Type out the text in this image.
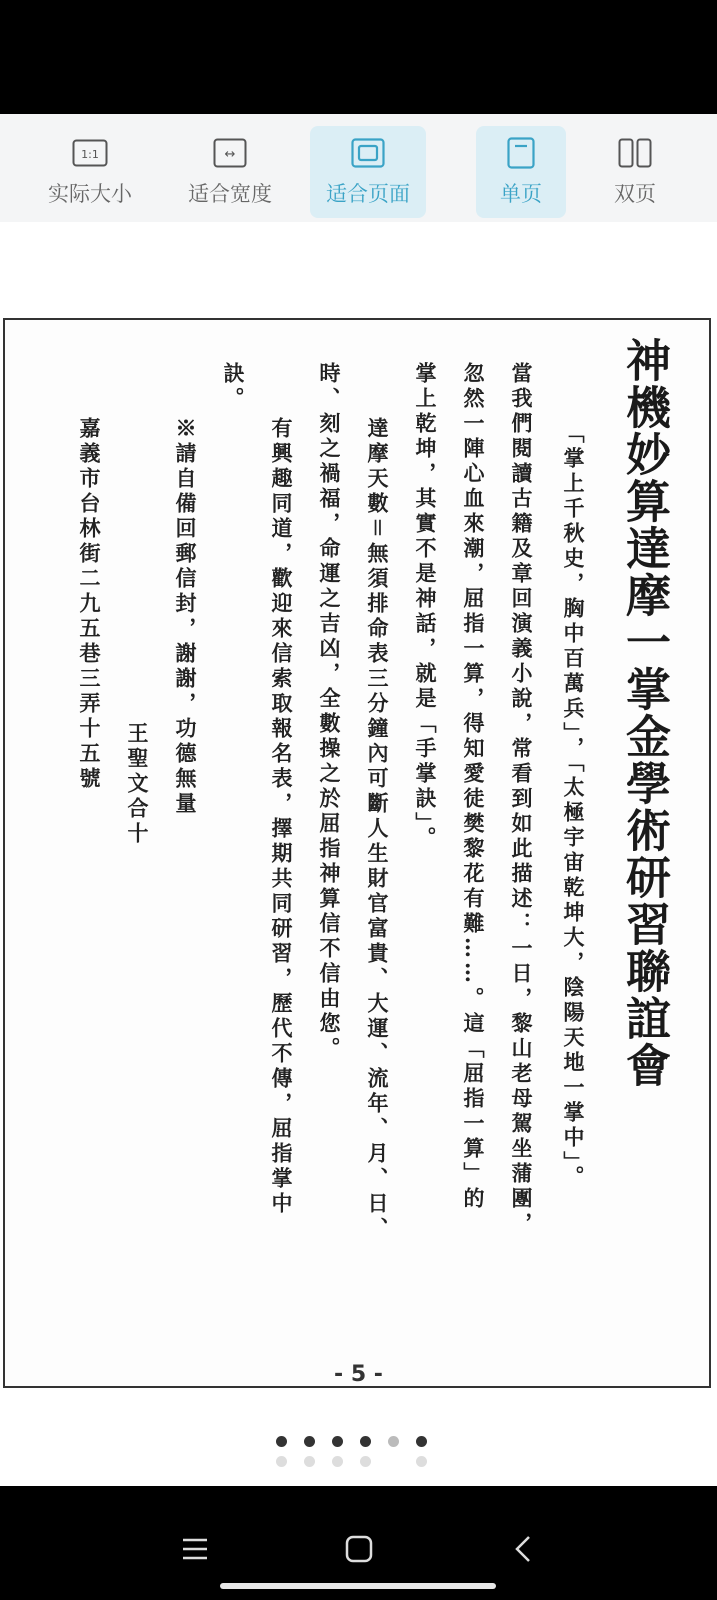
1:1
实际大小
↔
适合宽度	适合页面	单页	双页
神機妙算達摩一掌金學術研習聯誼會
「掌上千秋史，胸中百萬兵」，「太極宇宙乾坤大，陰陽天地一掌中」。
當我們閱讀古籍及章回演義小說，常看到如此描述：一日，黎山老母駕坐蒲團，
忽然一陣心血來潮，屈指一算，得知愛徒樊黎花有難……。這「屈指一算」的
掌上乾坤，其實不是神話，就是「手掌訣」。
達摩天數＝無須排命表三分鐘內可斷人生財官富貴、大運、流年、月、日、
時、刻之禍福，命運之吉凶，全數操之於屈指神算信不信由您。
有興趣同道，歡迎來信索取報名表，擇期共同研習，歷代不傳，屈指掌中
訣。
※請自備回郵信封，謝謝，功德無量
王聖文合十
嘉義市台林街二九五巷三弄十五號
- 5 -
